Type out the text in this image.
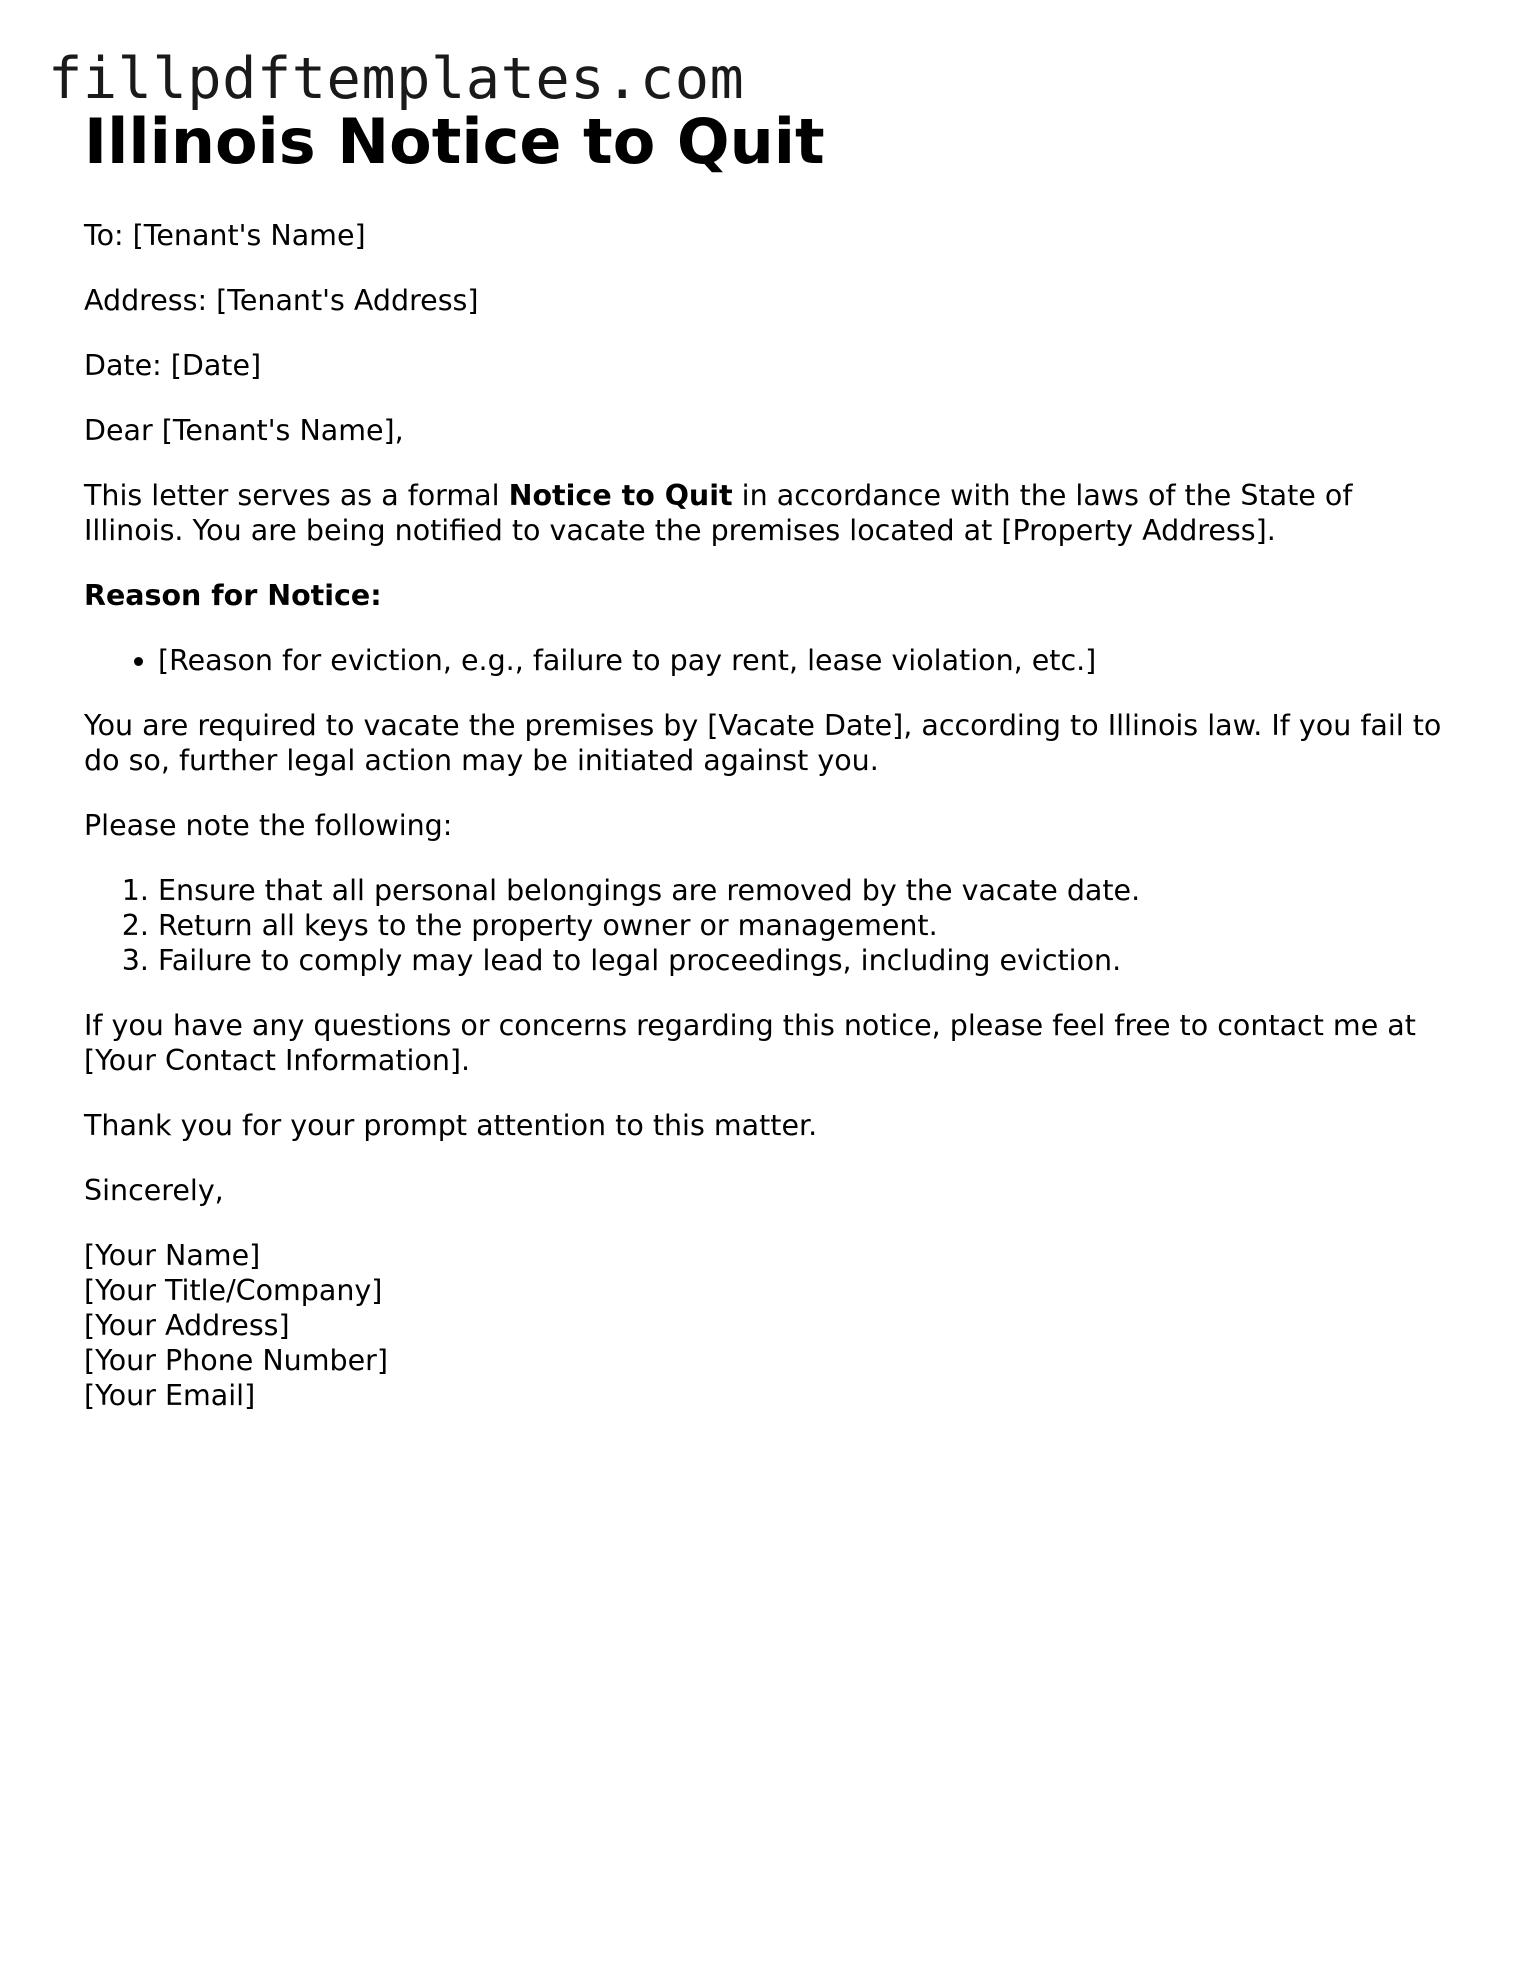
fillpdftemplates.com
Illinois Notice to Quit

To: [Tenant's Name]

Address: [Tenant's Address]

Date: [Date]

Dear [Tenant's Name],

This letter serves as a formal Notice to Quit in accordance with the laws of the State of Illinois. You are being notified to vacate the premises located at [Property Address].

Reason for Notice:
• [Reason for eviction, e.g., failure to pay rent, lease violation, etc.]

You are required to vacate the premises by [Vacate Date], according to Illinois law. If you fail to do so, further legal action may be initiated against you.

Please note the following:

1. Ensure that all personal belongings are removed by the vacate date.
2. Return all keys to the property owner or management.
3. Failure to comply may lead to legal proceedings, including eviction.

If you have any questions or concerns regarding this notice, please feel free to contact me at [Your Contact Information].

Thank you for your prompt attention to this matter.

Sincerely,

[Your Name]
[Your Title/Company]
[Your Address]
[Your Phone Number]
[Your Email]
